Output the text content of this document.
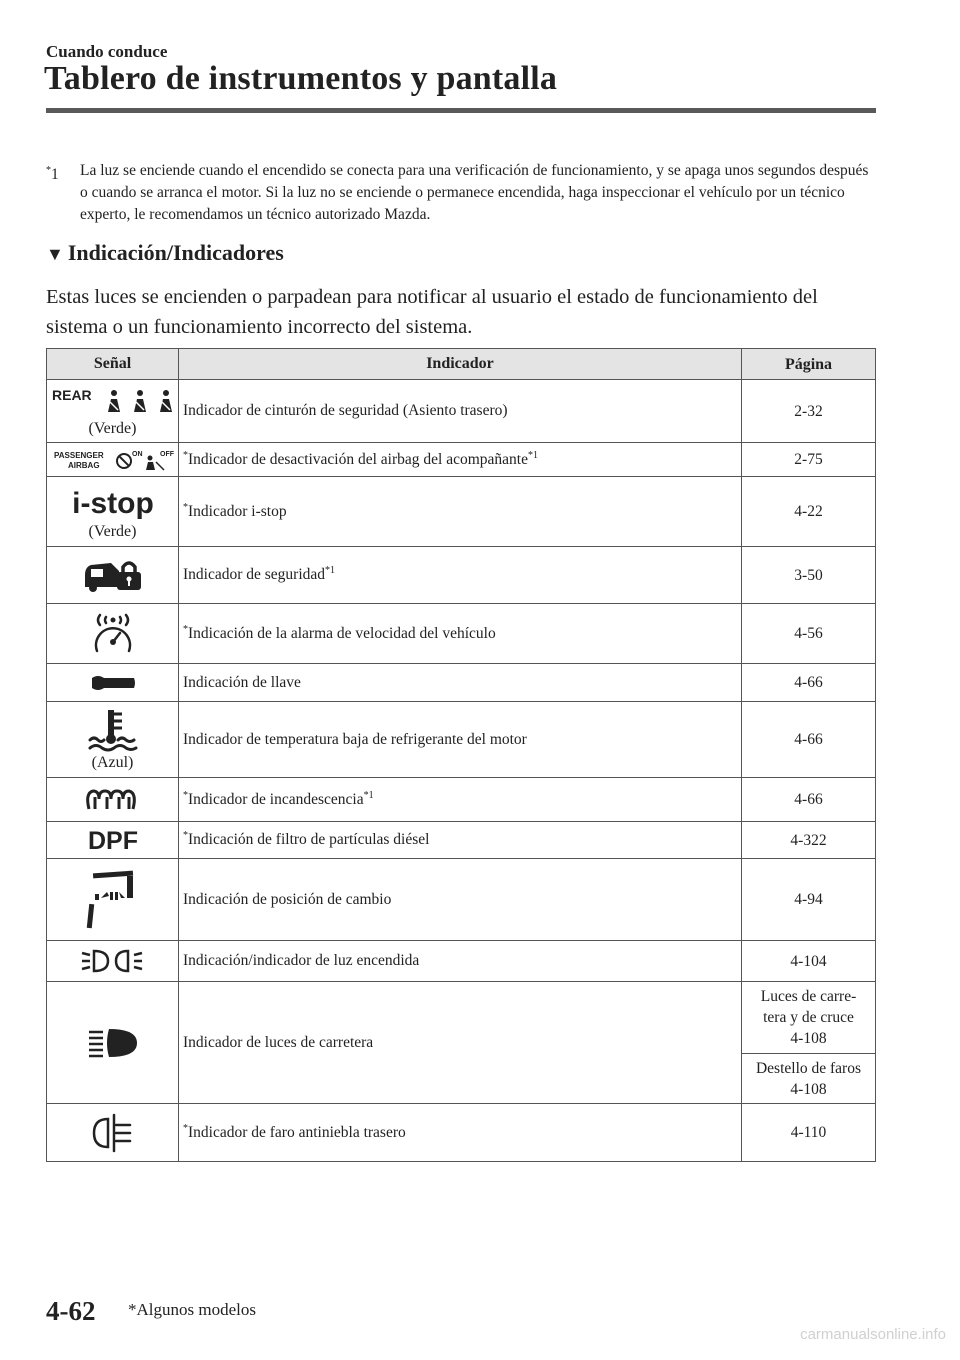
Cuando conduce
Tablero de instrumentos y pantalla
*1 La luz se enciende cuando el encendido se conecta para una verificación de funcionamiento, y se apaga unos segundos después o cuando se arranca el motor. Si la luz no se enciende o permanece encendida, haga inspeccionar el vehículo por un técnico experto, le recomendamos un técnico autorizado Mazda.
▼ Indicación/Indicadores
Estas luces se encienden o parpadean para notificar al usuario el estado de funcionamiento del sistema o un funcionamiento incorrecto del sistema.
Señal	Indicador	Página

REAR
(Verde)	Indicador de cinturón de seguridad (Asiento trasero)	2-32

PASSENGER
AIRBAG
ON OFF	*Indicador de desactivación del airbag del acompañante$^{*1}$	2-75

i-stop
(Verde)	*Indicador i-stop	4-22

	Indicador de seguridad$^{*1}$	3-50

	*Indicación de la alarma de velocidad del vehículo	4-56

	Indicación de llave	4-66

(Azul)	Indicador de temperatura baja de refrigerante del motor	4-66

	*Indicador de incandescencia$^{*1}$	4-66

DPF	*Indicación de filtro de partículas diésel	4-322

	Indicación de posición de cambio	4-94

	Indicación/indicador de luz encendida	4-104

	Indicador de luces de carretera	Luces de carre-
tera y de cruce
4-108

		Destello de faros
4-108

	*Indicador de faro antiniebla trasero	4-110
4-62 *Algunos modelos
carmanualsonline.info
